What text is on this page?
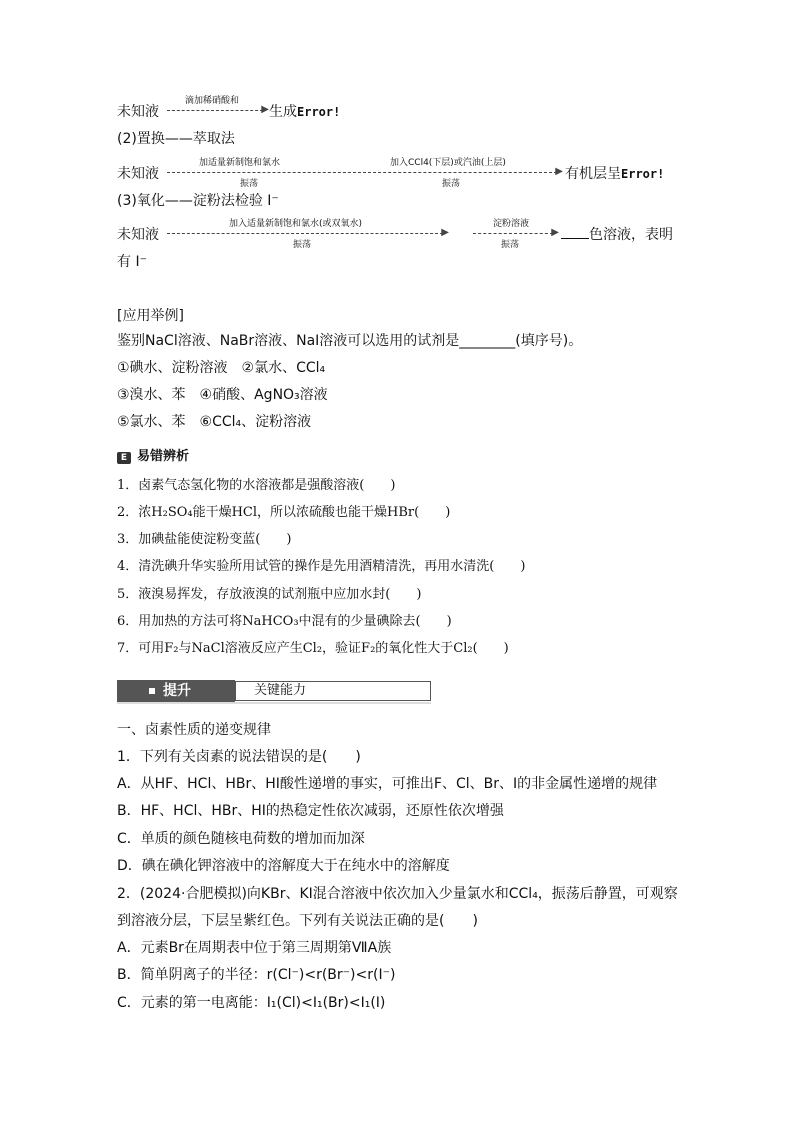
未知液
滴加稀硝酸和
▶ 生成Error!
(2)置换——萃取法
未知液
加适量新制饱和氯水
振荡
加入CCl4(下层)或汽油(上层)
振荡
▶ 有机层呈Error!
(3)氧化——淀粉法检验 I⁻
未知液
加入适量新制饱和氯水(或双氧水)
振荡
▶
淀粉溶液
振荡
▶	色溶液，表明
有 I⁻
[应用举例]
鉴别NaCl溶液、NaBr溶液、NaI溶液可以选用的试剂是________(填序号)。
①碘水、淀粉溶液　②氯水、CCl₄
③溴水、苯　④硝酸、AgNO₃溶液
⑤氯水、苯　⑥CCl₄、淀粉溶液
E 易错辨析
1．卤素气态氢化物的水溶液都是强酸溶液(　　)
2．浓H₂SO₄能干燥HCl，所以浓硫酸也能干燥HBr(　　)
3．加碘盐能使淀粉变蓝(　　)
4．清洗碘升华实验所用试管的操作是先用酒精清洗，再用水清洗(　　)
5．液溴易挥发，存放液溴的试剂瓶中应加水封(　　)
6．用加热的方法可将NaHCO₃中混有的少量碘除去(　　)
7．可用F₂与NaCl溶液反应产生Cl₂，验证F₂的氧化性大于Cl₂(　　)
提升	关键能力
一、卤素性质的递变规律
1．下列有关卤素的说法错误的是(　　)
A．从HF、HCl、HBr、HI酸性递增的事实，可推出F、Cl、Br、I的非金属性递增的规律
B．HF、HCl、HBr、HI的热稳定性依次减弱，还原性依次增强
C．单质的颜色随核电荷数的增加而加深
D．碘在碘化钾溶液中的溶解度大于在纯水中的溶解度
2．(2024·合肥模拟)向KBr、KI混合溶液中依次加入少量氯水和CCl₄，振荡后静置，可观察
到溶液分层，下层呈紫红色。下列有关说法正确的是(　　)
A．元素Br在周期表中位于第三周期第ⅦA族
B．简单阴离子的半径：r(Cl⁻)<r(Br⁻)<r(I⁻)
C．元素的第一电离能：I₁(Cl)<I₁(Br)<I₁(I)
